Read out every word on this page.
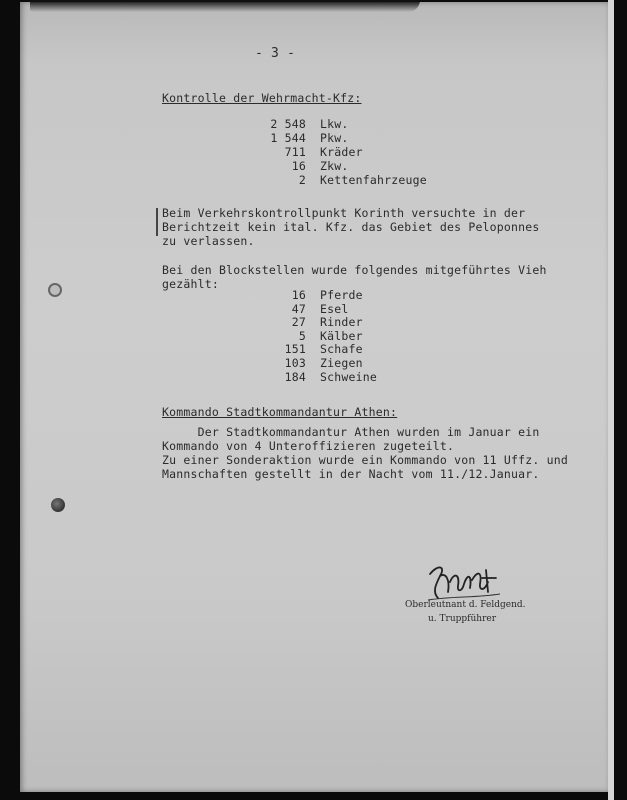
- 3 -
Kontrolle der Wehrmacht-Kfz:
2 548 Lkw.
1 544 Pkw.
711 Kräder
16 Zkw.
2 Kettenfahrzeuge
Beim Verkehrskontrollpunkt Korinth versuchte in der
Berichtzeit kein ital. Kfz. das Gebiet des Peloponnes
zu verlassen.
Bei den Blockstellen wurde folgendes mitgeführtes Vieh
gezählt:
16 Pferde
47 Esel
27 Rinder
5 Kälber
151 Schafe
103 Ziegen
184 Schweine
Kommando Stadtkommandantur Athen:
Der Stadtkommandantur Athen wurden im Januar ein
Kommando von 4 Unteroffizieren zugeteilt.
Zu einer Sonderaktion wurde ein Kommando von 11 Uffz. und
Mannschaften gestellt in der Nacht vom 11./12.Januar.
Oberleutnant d. Feldgend.
u. Truppführer
